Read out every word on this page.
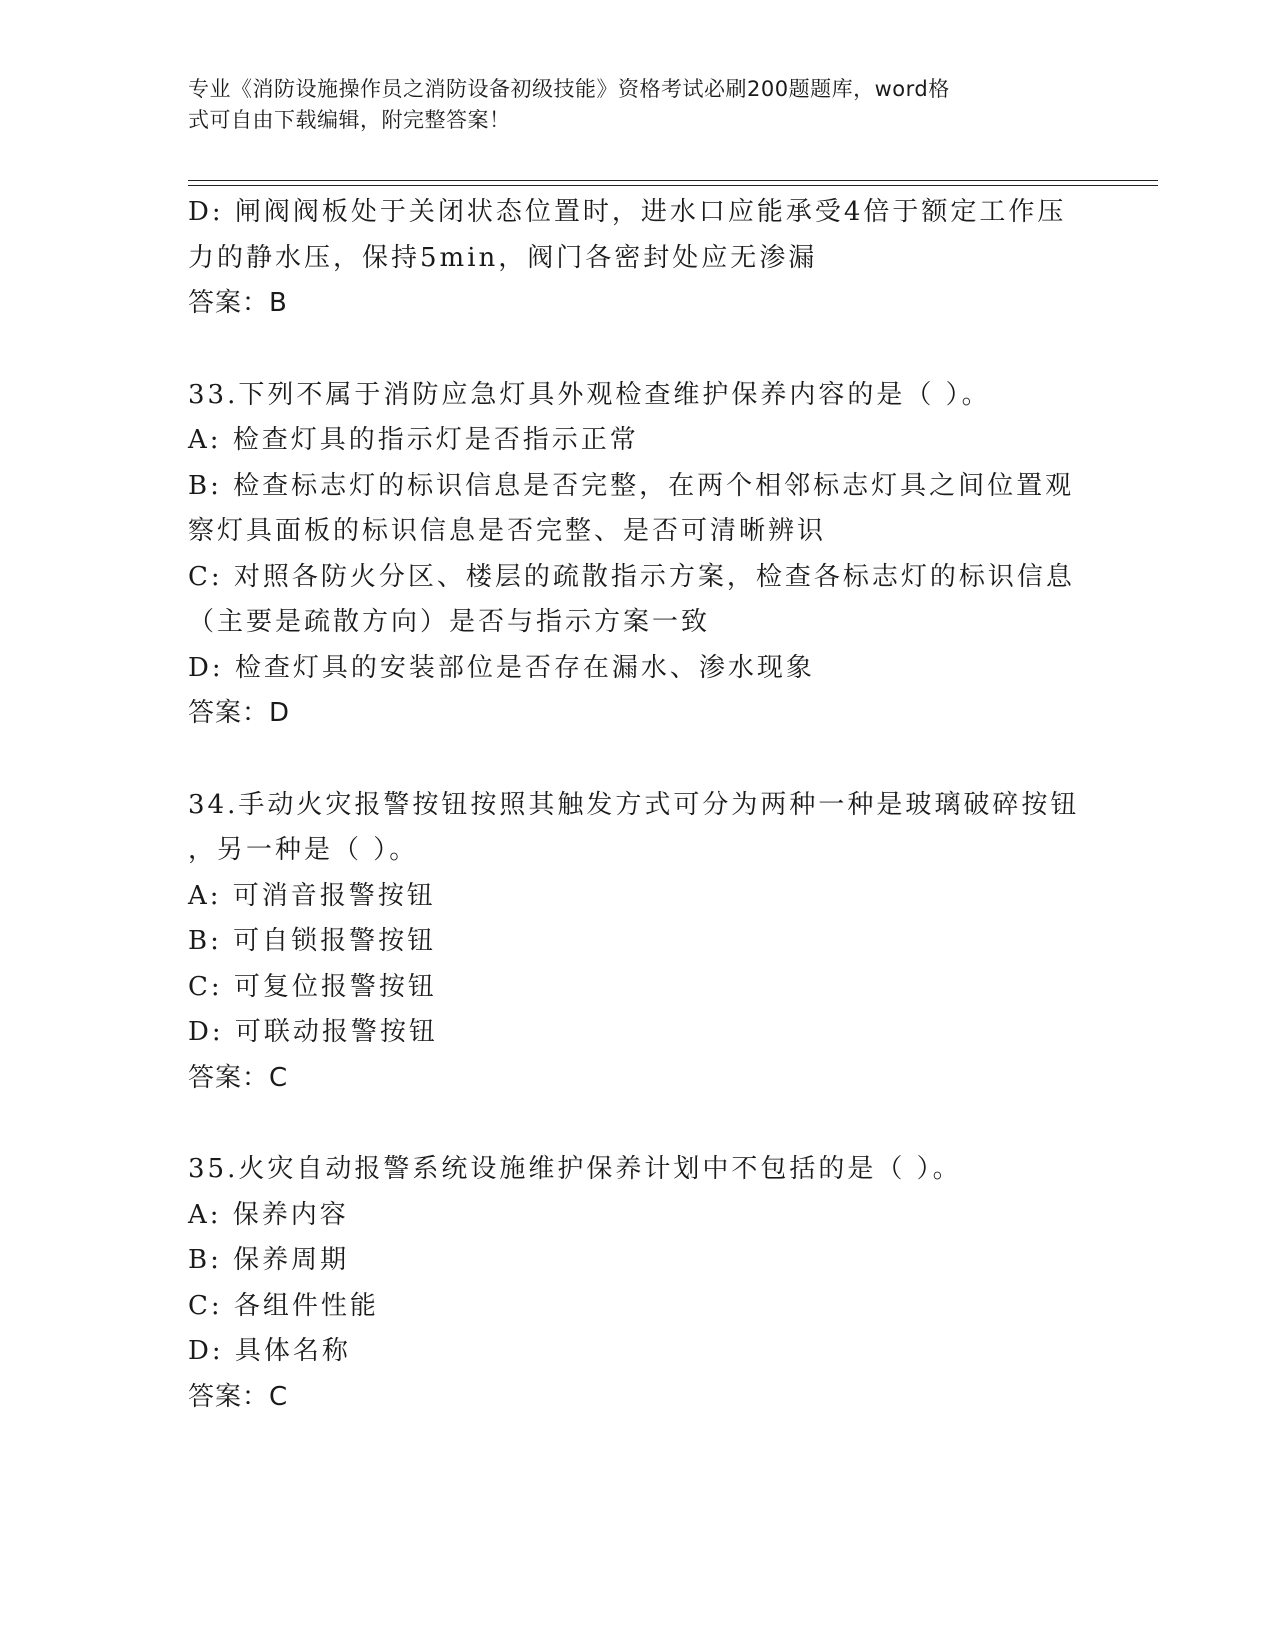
专业《消防设施操作员之消防设备初级技能》资格考试必刷200题题库，word格

式可自由下载编辑，附完整答案！

D: 闸阀阀板处于关闭状态位置时，进水口应能承受4倍于额定工作压

力的静水压，保持5min，阀门各密封处应无渗漏

答案：B

33.下列不属于消防应急灯具外观检查维护保养内容的是（ ）。

A: 检查灯具的指示灯是否指示正常

B: 检查标志灯的标识信息是否完整，在两个相邻标志灯具之间位置观

察灯具面板的标识信息是否完整、是否可清晰辨识

C: 对照各防火分区、楼层的疏散指示方案，检查各标志灯的标识信息

（主要是疏散方向）是否与指示方案一致

D: 检查灯具的安装部位是否存在漏水、渗水现象

答案：D

34.手动火灾报警按钮按照其触发方式可分为两种一种是玻璃破碎按钮

，另一种是（ ）。

A: 可消音报警按钮

B: 可自锁报警按钮

C: 可复位报警按钮

D: 可联动报警按钮

答案：C

35.火灾自动报警系统设施维护保养计划中不包括的是（ ）。

A: 保养内容

B: 保养周期

C: 各组件性能

D: 具体名称

答案：C
